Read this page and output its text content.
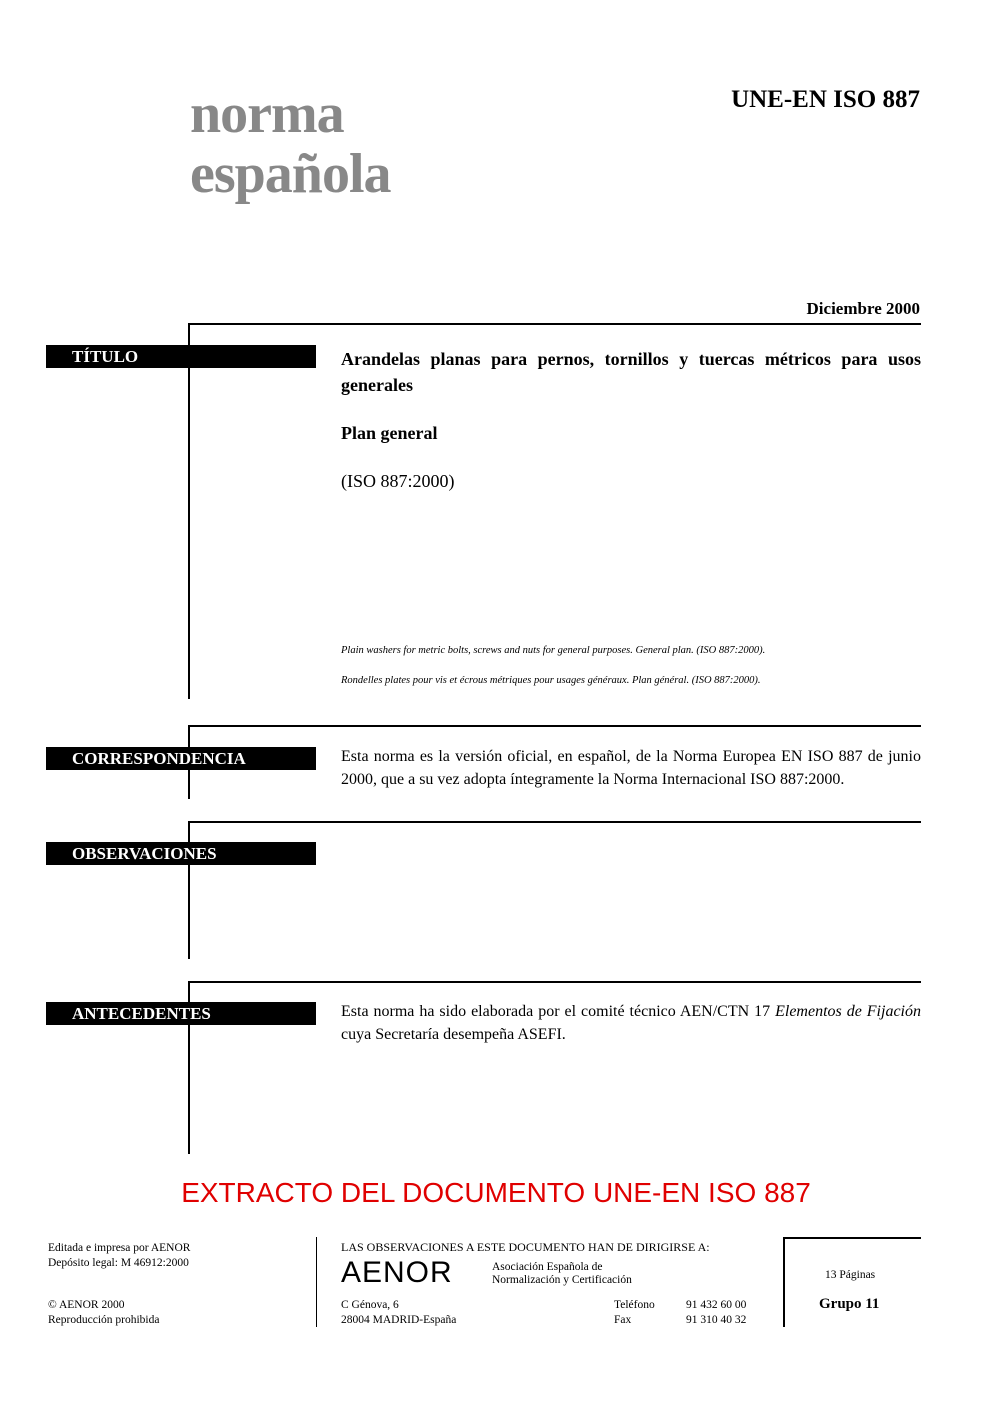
norma
española
UNE-EN ISO 887
Diciembre 2000
TÍTULO	Arandelas planas para pernos, tornillos y tuercas métricos para usos generales
Plan general
(ISO 887:2000)
Plain washers for metric bolts, screws and nuts for general purposes. General plan. (ISO 887:2000).
Rondelles plates pour vis et écrous métriques pour usages généraux. Plan général. (ISO 887:2000).
CORRESPONDENCIA	Esta norma es la versión oficial, en español, de la Norma Europea EN ISO 887 de junio 2000, que a su vez adopta íntegramente la Norma Internacional ISO 887:2000.
OBSERVACIONES
ANTECEDENTES	Esta norma ha sido elaborada por el comité técnico AEN/CTN 17 Elementos de Fijación cuya Secretaría desempeña ASEFI.
EXTRACTO DEL DOCUMENTO UNE-EN ISO 887
Editada e impresa por AENOR
Depósito legal: M 46912:2000
© AENOR 2000
Reproducción prohibida
LAS OBSERVACIONES A ESTE DOCUMENTO HAN DE DIRIGIRSE A:
AENOR	Asociación Española de
Normalización y Certificación
C Génova, 6
28004 MADRID-España
Teléfono	91 432 60 00
Fax	91 310 40 32
13 Páginas
Grupo 11
